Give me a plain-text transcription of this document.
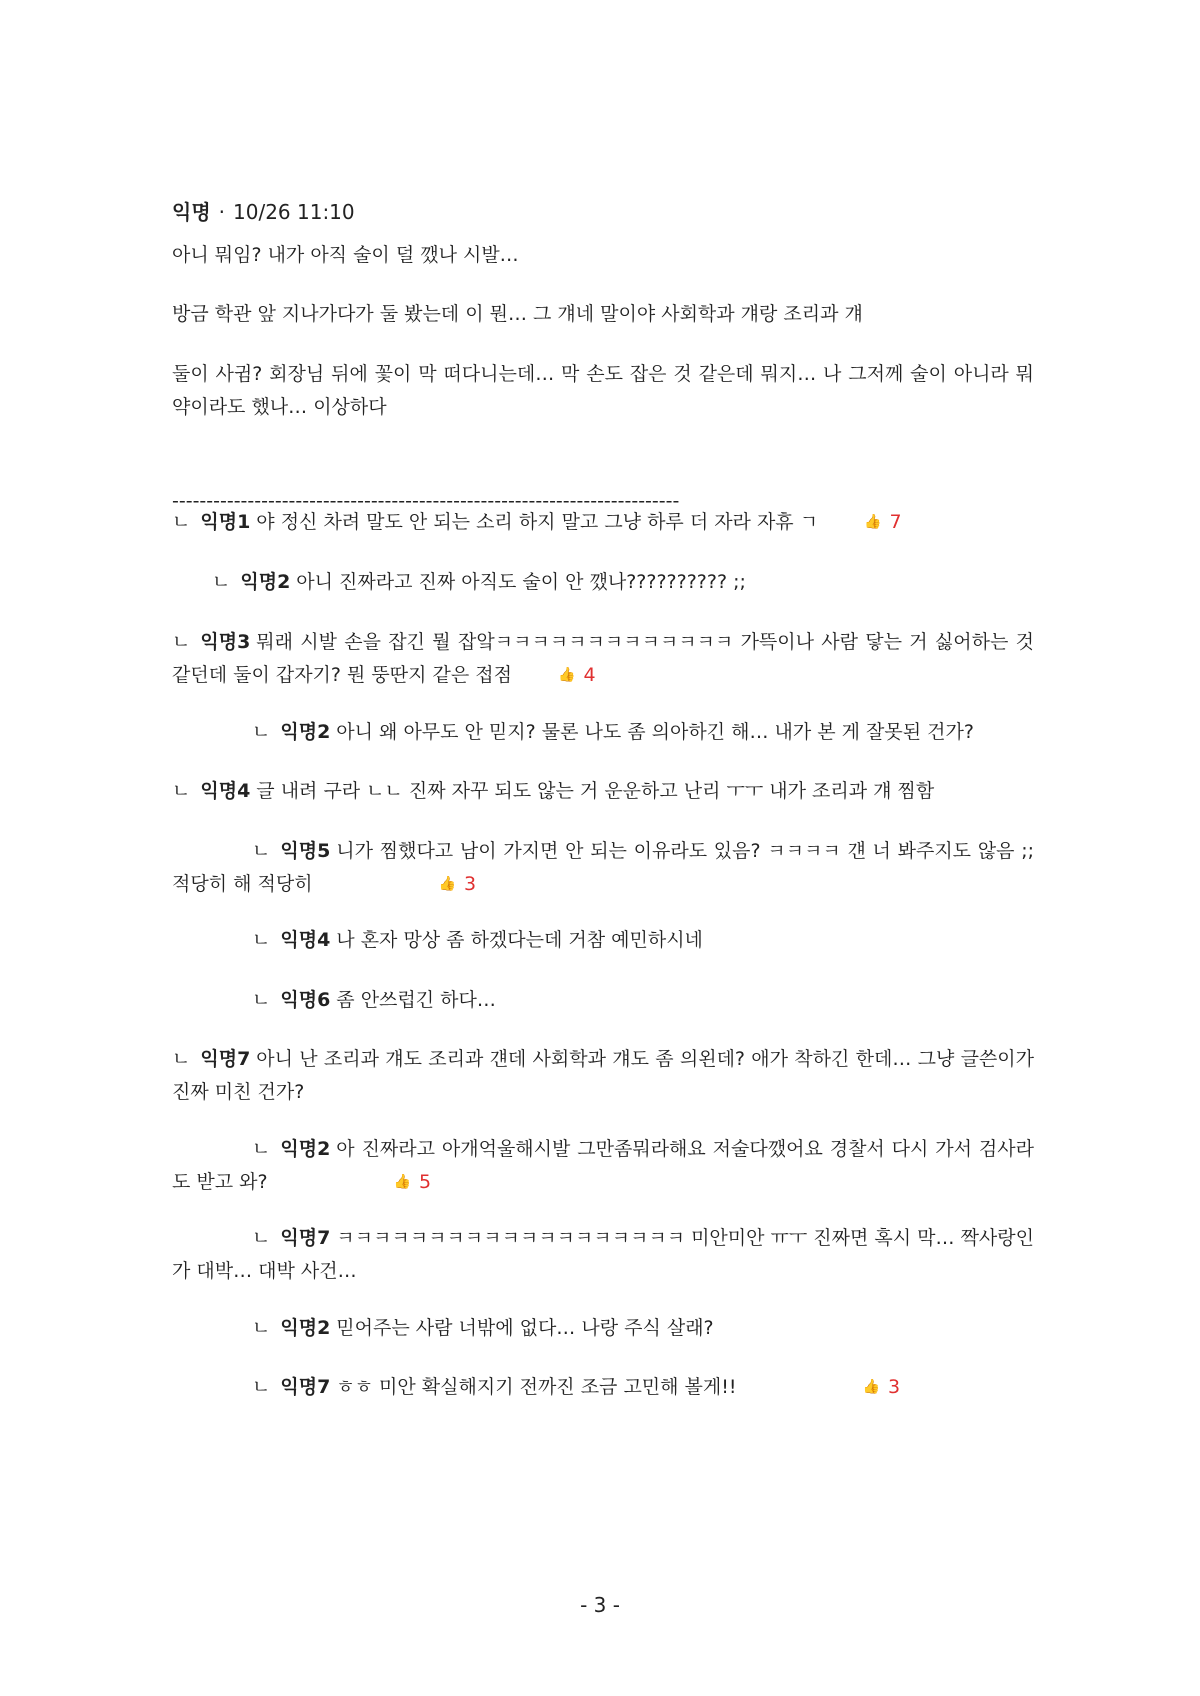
익명 · 10/26 11:10
아니 뭐임? 내가 아직 술이 덜 깼나 시발…
방금 학관 앞 지나가다가 둘 봤는데 이 뭔… 그 걔네 말이야 사회학과 걔랑 조리과 걔
둘이 사귐? 회장님 뒤에 꽃이 막 떠다니는데… 막 손도 잡은 것 같은데 뭐지… 나 그저께 술이 아니라 뭐 약이라도 했나… 이상하다
--------------------------------------------------------------------------
ㄴ 익명1 야 정신 차려 말도 안 되는 소리 하지 말고 그냥 하루 더 자라 자휴 ㄱ	👍 7
ㄴ 익명2 아니 진짜라고 진짜 아직도 술이 안 깼나?????????? ;;
ㄴ 익명3 뭐래 시발 손을 잡긴 뭘 잡앜ㅋㅋㅋㅋㅋㅋㅋㅋㅋㅋㅋㅋㅋ 가뜩이나 사람 닿는 거 싫어하는 것 같던데 둘이 갑자기? 뭔 뚱딴지 같은 접점	👍 4
ㄴ 익명2 아니 왜 아무도 안 믿지? 물론 나도 좀 의아하긴 해… 내가 본 게 잘못된 건가?
ㄴ 익명4 글 내려 구라 ㄴㄴ 진짜 자꾸 되도 않는 거 운운하고 난리 ㅜㅜ 내가 조리과 걔 찜함
ㄴ 익명5 니가 찜했다고 남이 가지면 안 되는 이유라도 있음? ㅋㅋㅋㅋ 걘 너 봐주지도 않음 ;; 적당히 해 적당히	👍 3
ㄴ 익명4 나 혼자 망상 좀 하겠다는데 거참 예민하시네
ㄴ 익명6 좀 안쓰럽긴 하다…
ㄴ 익명7 아니 난 조리과 걔도 조리과 걘데 사회학과 걔도 좀 의왼데? 애가 착하긴 한데… 그냥 글쓴이가 진짜 미친 건가?
ㄴ 익명2 아 진짜라고 아개억울해시발 그만좀뭐라해요 저술다깼어요 경찰서 다시 가서 검사라도 받고 와?	👍 5
ㄴ 익명7 ㅋㅋㅋㅋㅋㅋㅋㅋㅋㅋㅋㅋㅋㅋㅋㅋㅋㅋㅋ 미안미안 ㅠㅜ 진짜면 혹시 막… 짝사랑인가 대박… 대박 사건…
ㄴ 익명2 믿어주는 사람 너밖에 없다… 나랑 주식 살래?
ㄴ 익명7 ㅎㅎ 미안 확실해지기 전까진 조금 고민해 볼게!!	👍 3
- 3 -
